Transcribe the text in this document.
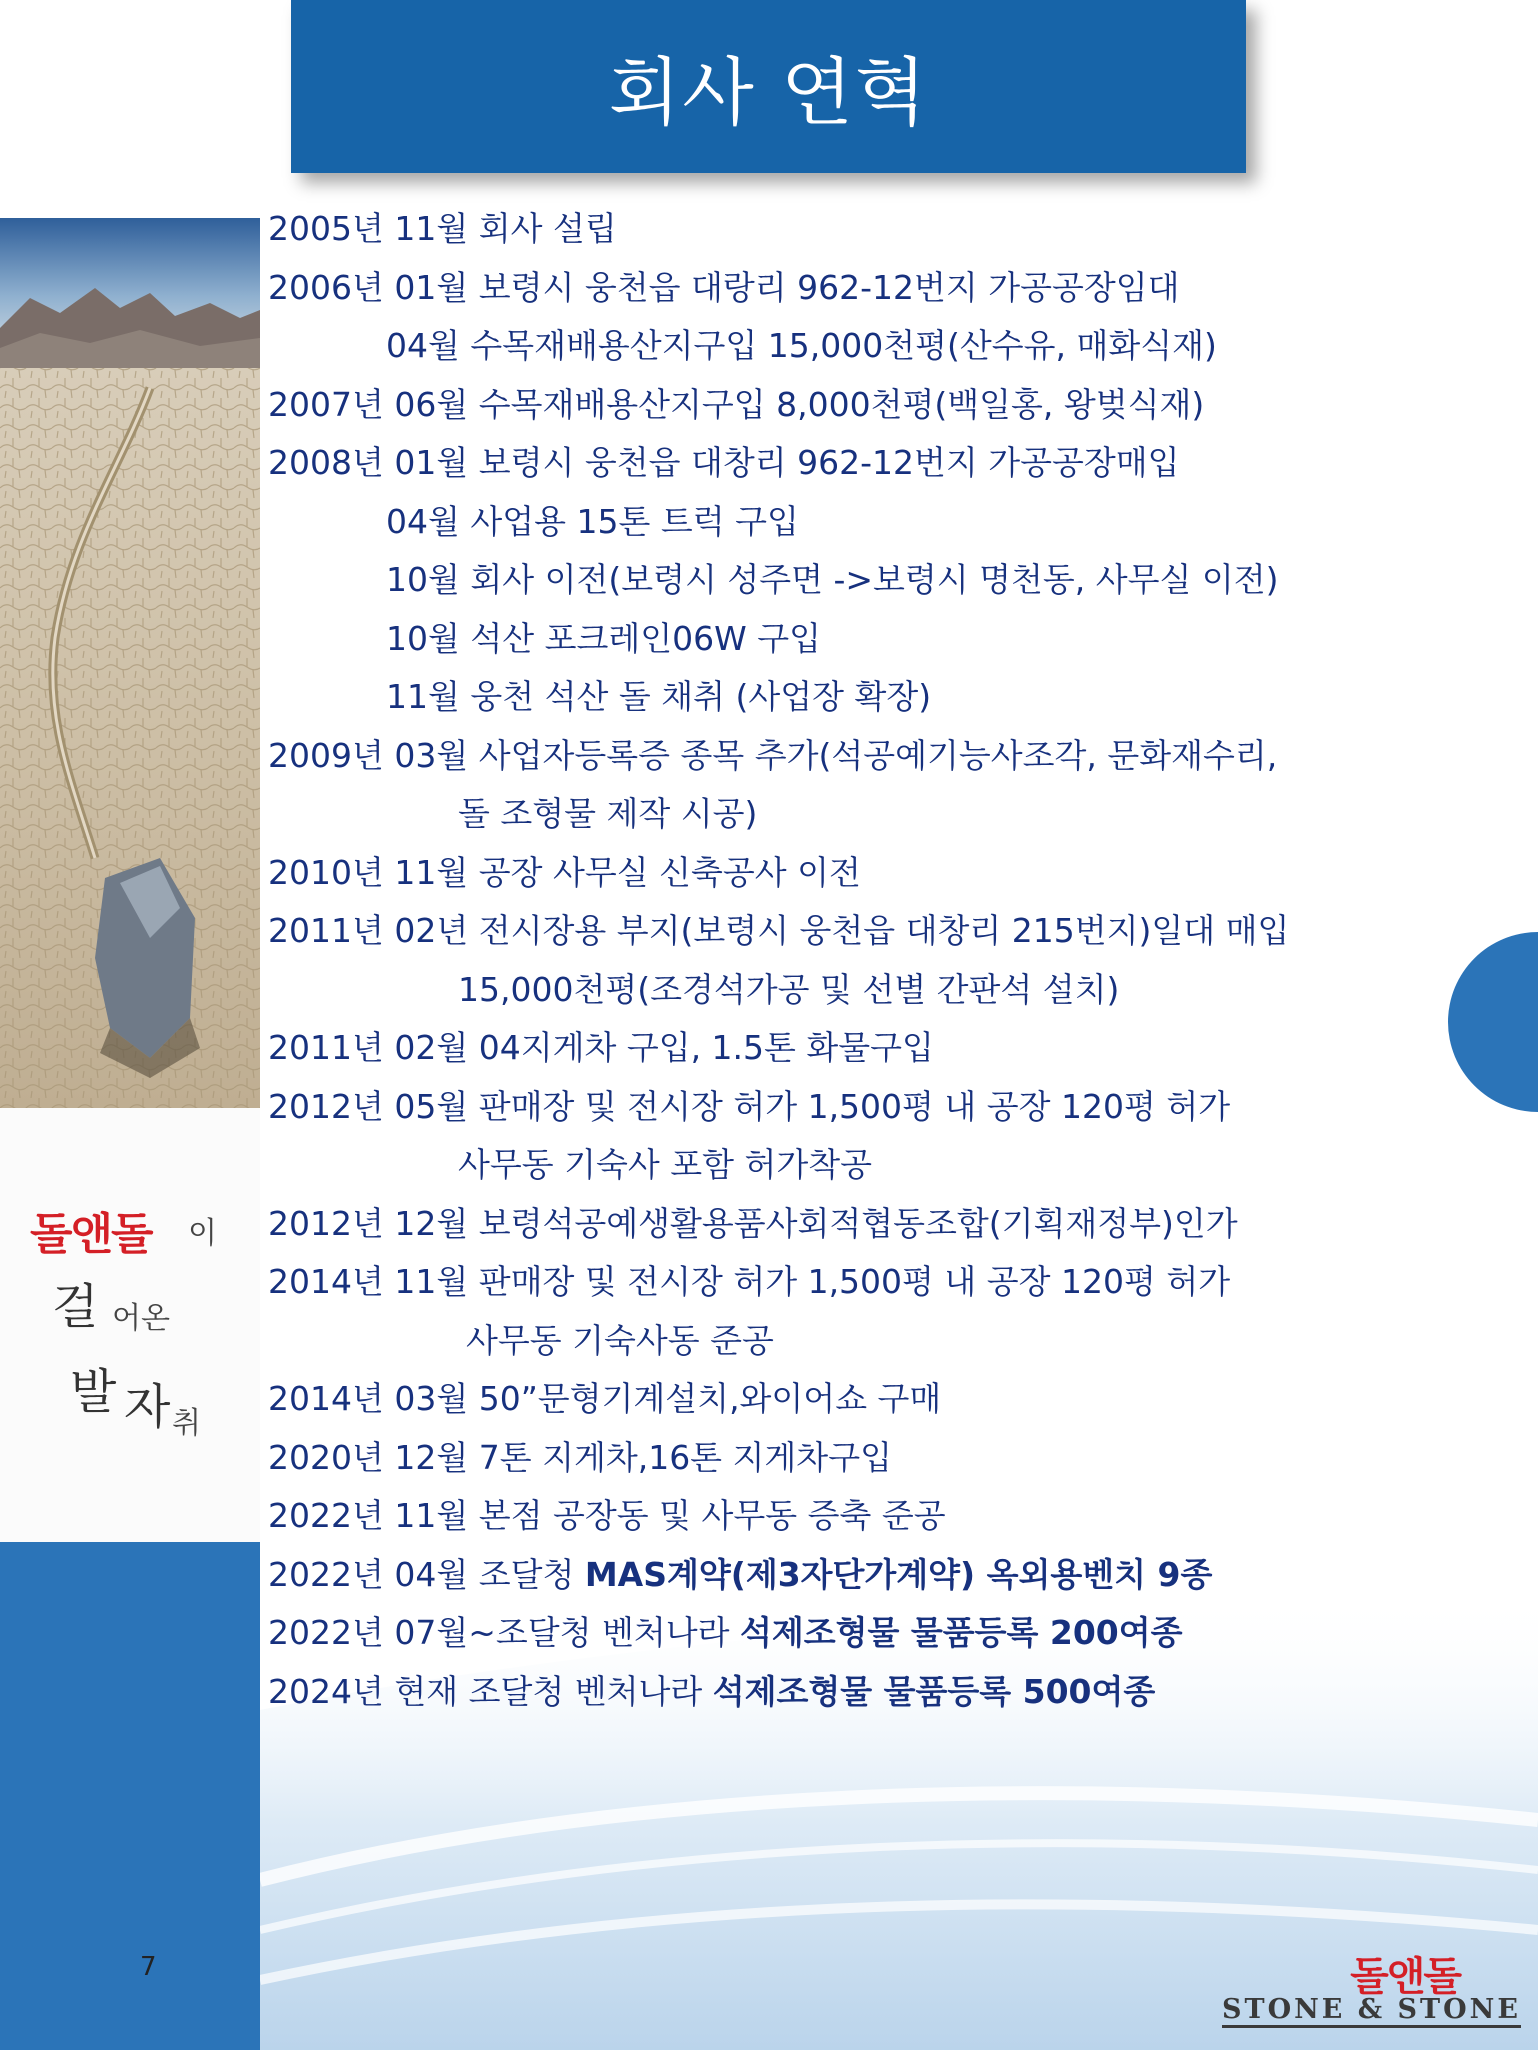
회사 연혁
돌앤돌 이
걸 어온
발 자 취
7
2005년 11월 회사 설립
2006년 01월 보령시 웅천읍 대랑리 962-12번지 가공공장임대
04월 수목재배용산지구입 15,000천평(산수유, 매화식재)
2007년 06월 수목재배용산지구입 8,000천평(백일홍, 왕벚식재)
2008년 01월 보령시 웅천읍 대창리 962-12번지 가공공장매입
04월 사업용 15톤 트럭 구입
10월 회사 이전(보령시 성주면 ->보령시 명천동, 사무실 이전)
10월 석산 포크레인06W 구입
11월 웅천 석산 돌 채취 (사업장 확장)
2009년 03월 사업자등록증 종목 추가(석공예기능사조각, 문화재수리,
돌 조형물 제작 시공)
2010년 11월 공장 사무실 신축공사 이전
2011년 02년 전시장용 부지(보령시 웅천읍 대창리 215번지)일대 매입
15,000천평(조경석가공 및 선별 간판석 설치)
2011년 02월 04지게차 구입, 1.5톤 화물구입
2012년 05월 판매장 및 전시장 허가 1,500평 내 공장 120평 허가
사무동 기숙사 포함 허가착공
2012년 12월 보령석공예생활용품사회적협동조합(기획재정부)인가
2014년 11월 판매장 및 전시장 허가 1,500평 내 공장 120평 허가
사무동 기숙사동 준공
2014년 03월 50”문형기계설치,와이어쇼 구매
2020년 12월 7톤 지게차,16톤 지게차구입
2022년 11월 본점 공장동 및 사무동 증축 준공
2022년 04월 조달청 MAS계약(제3자단가계약) 옥외용벤치 9종
2022년 07월~조달청 벤처나라 석제조형물 물품등록 200여종
2024년 현재 조달청 벤처나라 석제조형물 물품등록 500여종
돌앤돌
STONE & STONE
